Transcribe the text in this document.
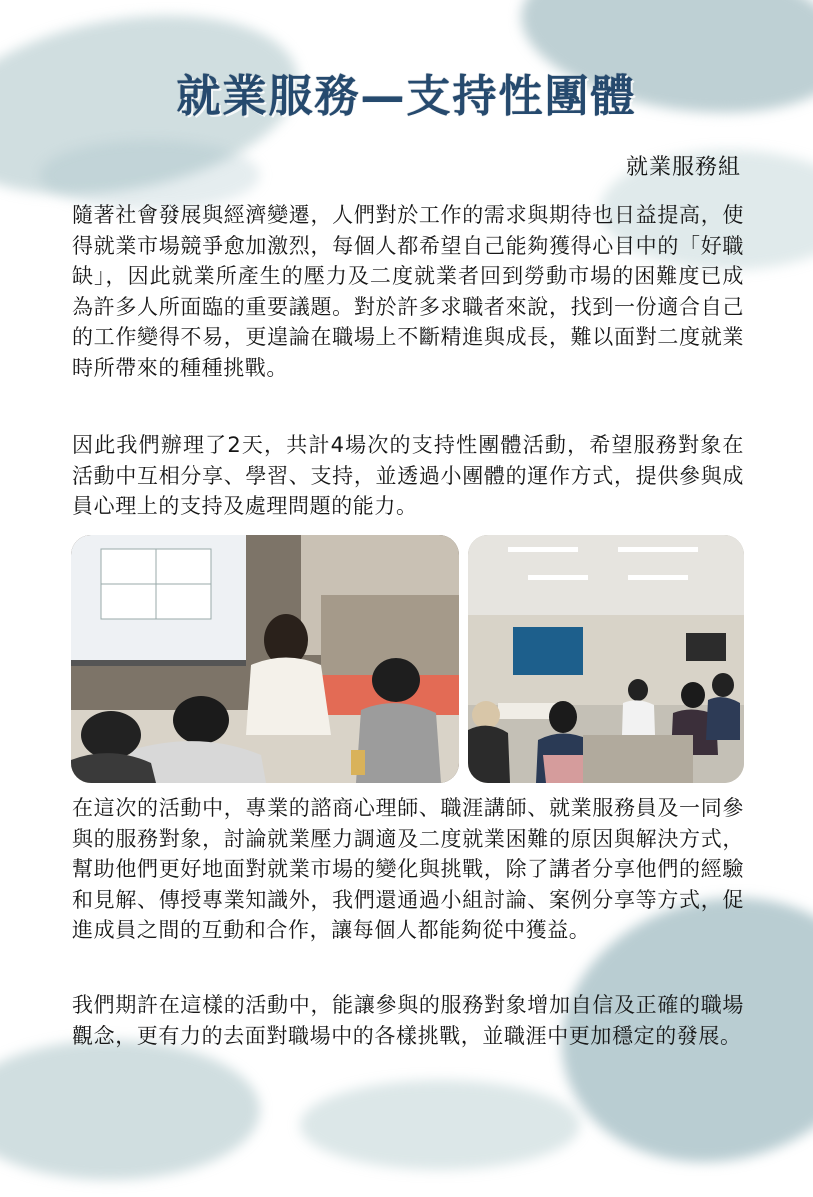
就業服務—支持性團體
就業服務組

隨著社會發展與經濟變遷，人們對於工作的需求與期待也日益提高，使得就業市場競爭愈加激烈，每個人都希望自己能夠獲得心目中的「好職缺」，因此就業所產生的壓力及二度就業者回到勞動市場的困難度已成為許多人所面臨的重要議題。對於許多求職者來說，找到一份適合自己的工作變得不易，更遑論在職場上不斷精進與成長，難以面對二度就業時所帶來的種種挑戰。

因此我們辦理了2天，共計4場次的支持性團體活動，希望服務對象在活動中互相分享、學習、支持，並透過小團體的運作方式，提供參與成員心理上的支持及處理問題的能力。

在這次的活動中，專業的諮商心理師、職涯講師、就業服務員及一同參與的服務對象，討論就業壓力調適及二度就業困難的原因與解決方式，幫助他們更好地面對就業市場的變化與挑戰，除了講者分享他們的經驗和見解、傳授專業知識外，我們還通過小組討論、案例分享等方式，促進成員之間的互動和合作，讓每個人都能夠從中獲益。

我們期許在這樣的活動中，能讓參與的服務對象增加自信及正確的職場觀念，更有力的去面對職場中的各樣挑戰，並職涯中更加穩定的發展。
